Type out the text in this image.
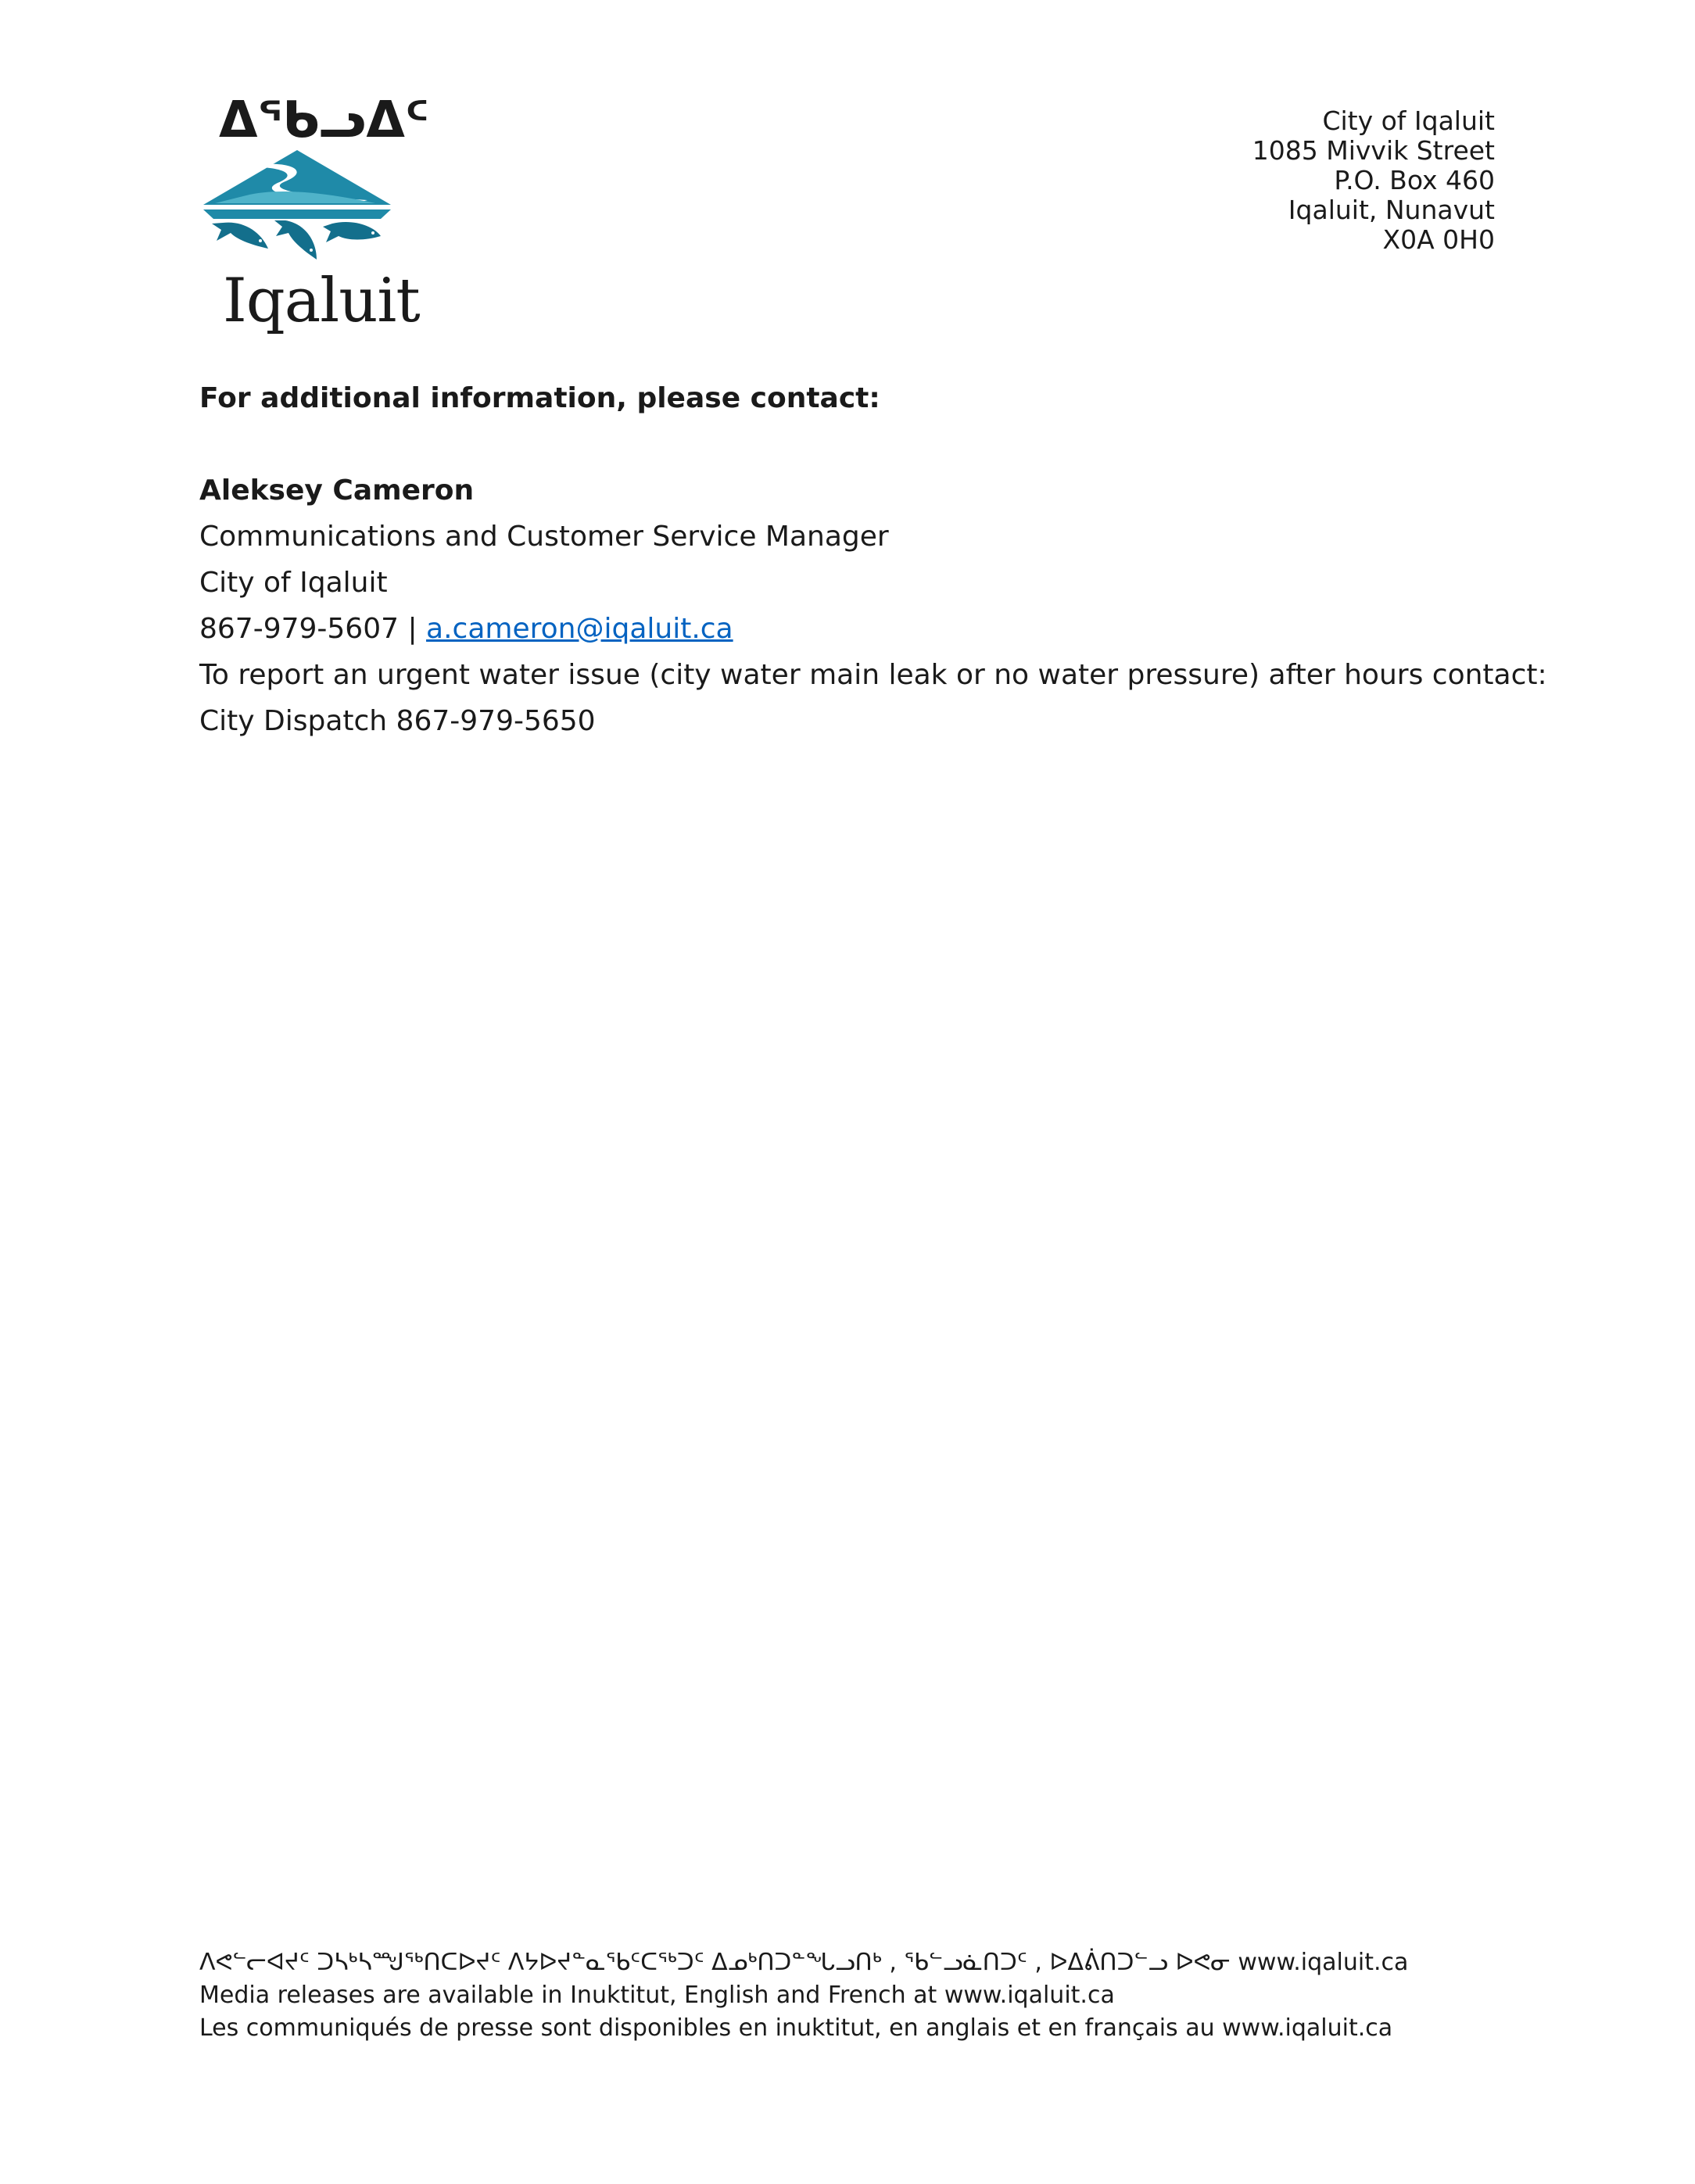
ᐃᖃᓗᐃᑦ
Iqaluit
City of Iqaluit
1085 Mivvik Street
P.O. Box 460
Iqaluit, Nunavut
X0A 0H0
For additional information, please contact:
Aleksey Cameron
Communications and Customer Service Manager
City of Iqaluit
867-979-5607 | a.cameron@iqaluit.ca
To report an urgent water issue (city water main leak or no water pressure) after hours contact:
City Dispatch 867-979-5650
ᐱᕙᓪᓕᐊᔪᑦ ᑐᓴᒃᓴᙳᖅᑎᑕᐅᔪᑦ ᐱᔭᐅᔪᓐᓇᖃᑦᑕᖅᑐᑦ ᐃᓄᒃᑎᑐᓐᖓᓗᑎᒃ , ᖃᓪᓗᓈᑎᑐᑦ , ᐅᐃᕖᑎᑐᓪᓗ ᐅᕙᓂ www.iqaluit.ca
Media releases are available in Inuktitut, English and French at www.iqaluit.ca
Les communiqués de presse sont disponibles en inuktitut, en anglais et en français au www.iqaluit.ca
